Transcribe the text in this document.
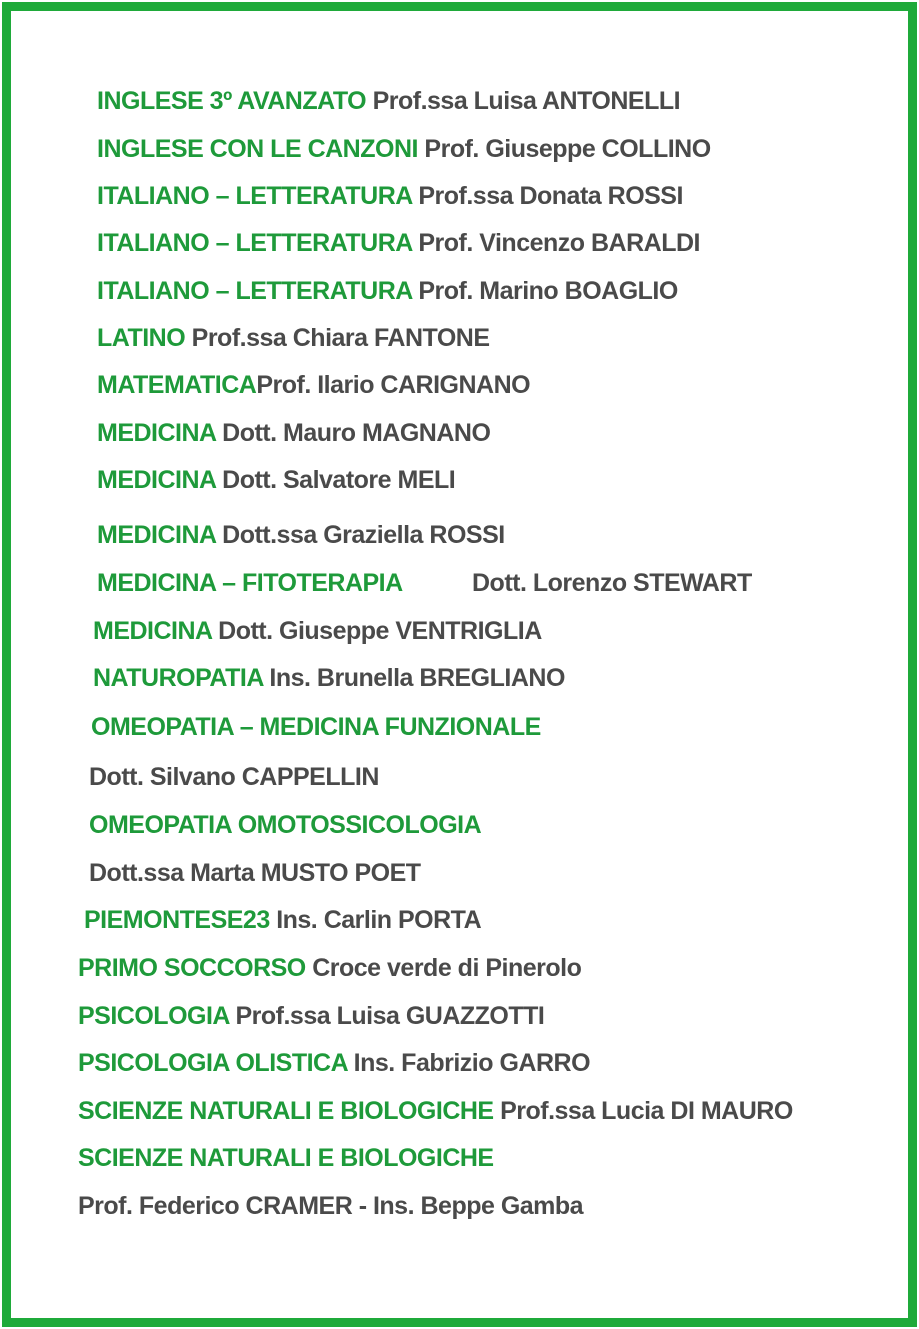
INGLESE 3º AVANZATO Prof.ssa Luisa ANTONELLI
INGLESE CON LE CANZONI Prof. Giuseppe COLLINO
ITALIANO – LETTERATURA Prof.ssa Donata ROSSI
ITALIANO – LETTERATURA Prof. Vincenzo BARALDI
ITALIANO – LETTERATURA Prof. Marino BOAGLIO
LATINO Prof.ssa Chiara FANTONE
MATEMATICAProf. Ilario CARIGNANO
MEDICINA Dott. Mauro MAGNANO
MEDICINA Dott. Salvatore MELI
MEDICINA Dott.ssa Graziella ROSSI
MEDICINA – FITOTERAPIA	Dott. Lorenzo STEWART
MEDICINA Dott. Giuseppe VENTRIGLIA
NATUROPATIA Ins. Brunella BREGLIANO
OMEOPATIA – MEDICINA FUNZIONALE
Dott. Silvano CAPPELLIN
OMEOPATIA OMOTOSSICOLOGIA
Dott.ssa Marta MUSTO POET
PIEMONTESE23 Ins. Carlin PORTA
PRIMO SOCCORSO Croce verde di Pinerolo
PSICOLOGIA Prof.ssa Luisa GUAZZOTTI
PSICOLOGIA OLISTICA Ins. Fabrizio GARRO
SCIENZE NATURALI E BIOLOGICHE Prof.ssa Lucia DI MAURO
SCIENZE NATURALI E BIOLOGICHE
Prof. Federico CRAMER - Ins. Beppe Gamba
